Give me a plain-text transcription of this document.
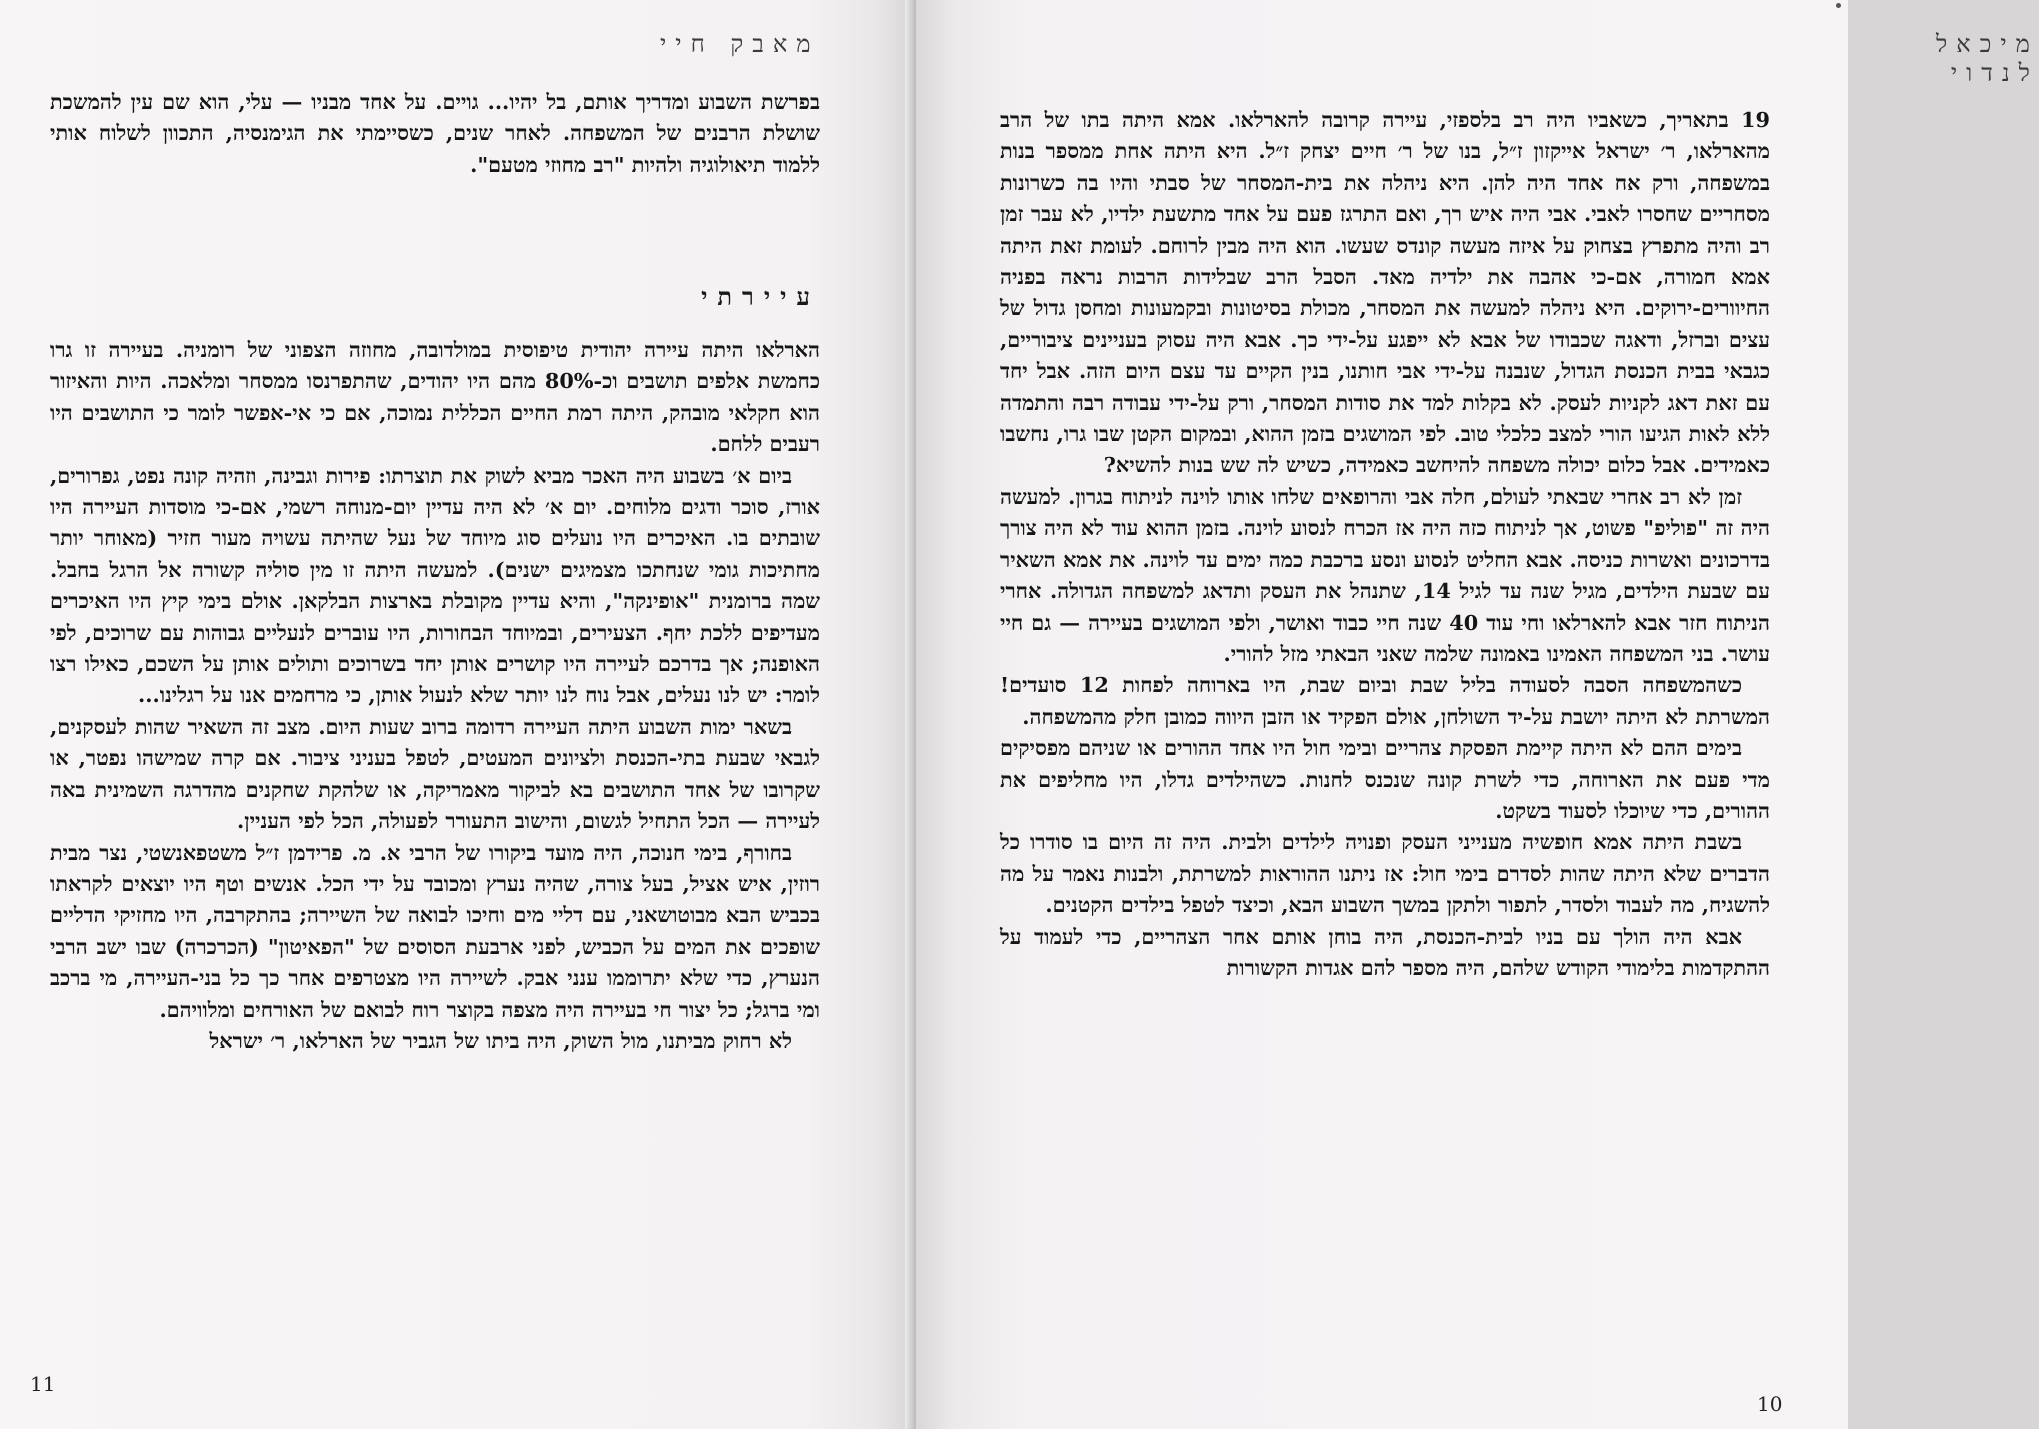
מאבק חיי

בפרשת השבוע ומדריך אותם, בל יהיו... גויים. על אחד מבניו — עלי, הוא שם עין להמשכת שושלת הרבנים של המשפחה. לאחר שנים, כשסיימתי את הגימנסיה, התכוון לשלוח אותי ללמוד תיאולוגיה ולהיות "רב מחוזי מטעם".

עיירתי

הארלאו היתה עיירה יהודית טיפוסית במולדובה, מחוזה הצפוני של רומניה. בעיירה זו גרו כחמשת אלפים תושבים וכ-80% מהם היו יהודים, שהתפרנסו ממסחר ומלאכה. היות והאיזור הוא חקלאי מובהק, היתה רמת החיים הכללית נמוכה, אם כי אי-אפשר לומר כי התושבים היו רעבים ללחם.

ביום א׳ בשבוע היה האכר מביא לשוק את תוצרתו: פירות וגבינה, וזהיה קונה נפט, גפרורים, אורז, סוכר ודגים מלוחים. יום א׳ לא היה עדיין יום-מנוחה רשמי, אם-כי מוסדות העיירה היו שובתים בו. האיכרים היו נועלים סוג מיוחד של נעל שהיתה עשויה מעור חזיר (מאוחר יותר מחתיכות גומי שנחתכו מצמיגים ישנים). למעשה היתה זו מין סוליה קשורה אל הרגל בחבל. שמה ברומנית "אופינקה", והיא עדיין מקובלת בארצות הבלקאן. אולם בימי קיץ היו האיכרים מעדיפים ללכת יחף. הצעירים, ובמיוחד הבחורות, היו עוברים לנעליים גבוהות עם שרוכים, לפי האופנה; אך בדרכם לעיירה היו קושרים אותן יחד בשרוכים ותולים אותן על השכם, כאילו רצו לומר: יש לנו נעלים, אבל נוח לנו יותר שלא לנעול אותן, כי מרחמים אנו על רגלינו...

בשאר ימות השבוע היתה העיירה רדומה ברוב שעות היום. מצב זה השאיר שהות לעסקנים, לגבאי שבעת בתי-הכנסת ולציונים המעטים, לטפל בעניני ציבור. אם קרה שמישהו נפטר, או שקרובו של אחד התושבים בא לביקור מאמריקה, או שלהקת שחקנים מהדרגה השמינית באה לעיירה — הכל התחיל לגשום, והישוב התעורר לפעולה, הכל לפי העניין.

בחורף, בימי חנוכה, היה מועד ביקורו של הרבי א. מ. פרידמן ז״ל משטפאנשטי, נצר מבית רוזין, איש אציל, בעל צורה, שהיה נערץ ומכובד על ידי הכל. אנשים וטף היו יוצאים לקראתו בכביש הבא מבוטושאני, עם דליי מים וחיכו לבואה של השיירה; בהתקרבה, היו מחזיקי הדליים שופכים את המים על הכביש, לפני ארבעת הסוסים של "הפאיטון" (הכרכרה) שבו ישב הרבי הנערץ, כדי שלא יתרוממו ענני אבק. לשיירה היו מצטרפים אחר כך כל בני-העיירה, מי ברכב ומי ברגל; כל יצור חי בעיירה היה מצפה בקוצר רוח לבואם של האורחים ומלוויהם.

לא רחוק מביתנו, מול השוק, היה ביתו של הגביר של הארלאו, ר׳ ישראל

11
מיכאל לנדוי

19 בתאריך, כשאביו היה רב בלספזי, עיירה קרובה להארלאו. אמא היתה בתו של הרב מהארלאו, ר׳ ישראל אייקזון ז״ל, בנו של ר׳ חיים יצחק ז״ל. היא היתה אחת ממספר בנות במשפחה, ורק אח אחד היה להן. היא ניהלה את בית-המסחר של סבתי והיו בה כשרונות מסחריים שחסרו לאבי. אבי היה איש רך, ואם התרגז פעם על אחד מתשעת ילדיו, לא עבר זמן רב והיה מתפרץ בצחוק על איזה מעשה קונדס שעשו. הוא היה מבין לרוחם. לעומת זאת היתה אמא חמורה, אם-כי אהבה את ילדיה מאד. הסבל הרב שבלידות הרבות נראה בפניה החיוורים-ירוקים. היא ניהלה למעשה את המסחר, מכולת בסיטונות ובקמעונות ומחסן גדול של עצים וברזל, ודאגה שכבודו של אבא לא ייפגע על-ידי כך. אבא היה עסוק בעניינים ציבוריים, כגבאי בבית הכנסת הגדול, שנבנה על-ידי אבי חותנו, בנין הקיים עד עצם היום הזה. אבל יחד עם זאת דאג לקניות לעסק. לא בקלות למד את סודות המסחר, ורק על-ידי עבודה רבה והתמדה ללא לאות הגיעו הורי למצב כלכלי טוב. לפי המושגים בזמן ההוא, ובמקום הקטן שבו גרו, נחשבו כאמידים. אבל כלום יכולה משפחה להיחשב כאמידה, כשיש לה שש בנות להשיא?

זמן לא רב אחרי שבאתי לעולם, חלה אבי והרופאים שלחו אותו לוינה לניתוח בגרון. למעשה היה זה "פוליפ" פשוט, אך לניתוח כזה היה אז הכרח לנסוע לוינה. בזמן ההוא עוד לא היה צורך בדרכונים ואשרות כניסה. אבא החליט לנסוע ונסע ברכבת כמה ימים עד לוינה. את אמא השאיר עם שבעת הילדים, מגיל שנה עד לגיל 14, שתנהל את העסק ותדאג למשפחה הגדולה. אחרי הניתוח חזר אבא להארלאו וחי עוד 40 שנה חיי כבוד ואושר, ולפי המושגים בעיירה — גם חיי עושר. בני המשפחה האמינו באמונה שלמה שאני הבאתי מזל להורי.

כשהמשפחה הסבה לסעודה בליל שבת וביום שבת, היו בארוחה לפחות 12 סועדים! המשרתת לא היתה יושבת על-יד השולחן, אולם הפקיד או הזבן היווה כמובן חלק מהמשפחה.

בימים ההם לא היתה קיימת הפסקת צהריים ובימי חול היו אחד ההורים או שניהם מפסיקים מדי פעם את הארוחה, כדי לשרת קונה שנכנס לחנות. כשהילדים גדלו, היו מחליפים את ההורים, כדי שיוכלו לסעוד בשקט.

בשבת היתה אמא חופשיה מענייני העסק ופנויה לילדים ולבית. היה זה היום בו סודרו כל הדברים שלא היתה שהות לסדרם בימי חול: אז ניתנו ההוראות למשרתת, ולבנות נאמר על מה להשגיח, מה לעבוד ולסדר, לתפור ולתקן במשך השבוע הבא, וכיצד לטפל בילדים הקטנים.

אבא היה הולך עם בניו לבית-הכנסת, היה בוחן אותם אחר הצהריים, כדי לעמוד על ההתקדמות בלימודי הקודש שלהם, היה מספר להם אגדות הקשורות

10
